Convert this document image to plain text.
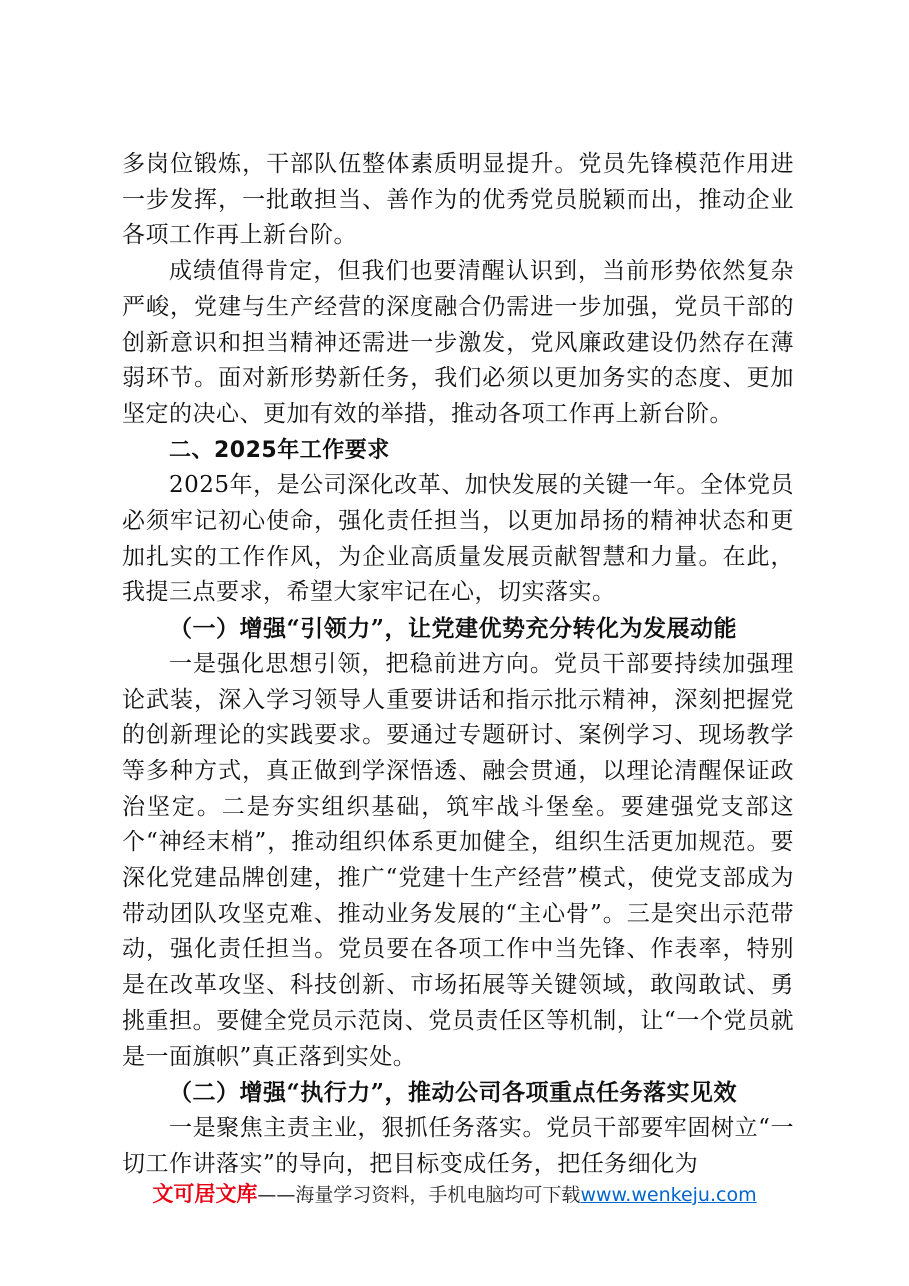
多岗位锻炼，干部队伍整体素质明显提升。党员先锋模范作用进一步发挥，一批敢担当、善作为的优秀党员脱颖而出，推动企业各项工作再上新台阶。

成绩值得肯定，但我们也要清醒认识到，当前形势依然复杂严峻，党建与生产经营的深度融合仍需进一步加强，党员干部的创新意识和担当精神还需进一步激发，党风廉政建设仍然存在薄弱环节。面对新形势新任务，我们必须以更加务实的态度、更加坚定的决心、更加有效的举措，推动各项工作再上新台阶。

二、2025年工作要求

2025年，是公司深化改革、加快发展的关键一年。全体党员必须牢记初心使命，强化责任担当，以更加昂扬的精神状态和更加扎实的工作作风，为企业高质量发展贡献智慧和力量。在此，我提三点要求，希望大家牢记在心，切实落实。

（一）增强“引领力”，让党建优势充分转化为发展动能

一是强化思想引领，把稳前进方向。党员干部要持续加强理论武装，深入学习领导人重要讲话和指示批示精神，深刻把握党的创新理论的实践要求。要通过专题研讨、案例学习、现场教学等多种方式，真正做到学深悟透、融会贯通，以理论清醒保证政治坚定。二是夯实组织基础，筑牢战斗堡垒。要建强党支部这个“神经末梢”，推动组织体系更加健全，组织生活更加规范。要深化党建品牌创建，推广“党建十生产经营”模式，使党支部成为带动团队攻坚克难、推动业务发展的“主心骨”。三是突出示范带动，强化责任担当。党员要在各项工作中当先锋、作表率，特别是在改革攻坚、科技创新、市场拓展等关键领域，敢闯敢试、勇挑重担。要健全党员示范岗、党员责任区等机制，让“一个党员就是一面旗帜”真正落到实处。

（二）增强“执行力”，推动公司各项重点任务落实见效

一是聚焦主责主业，狠抓任务落实。党员干部要牢固树立“一切工作讲落实”的导向，把目标变成任务，把任务细化为

文可居文库——海量学习资料，手机电脑均可下载www.wenkeju.com
